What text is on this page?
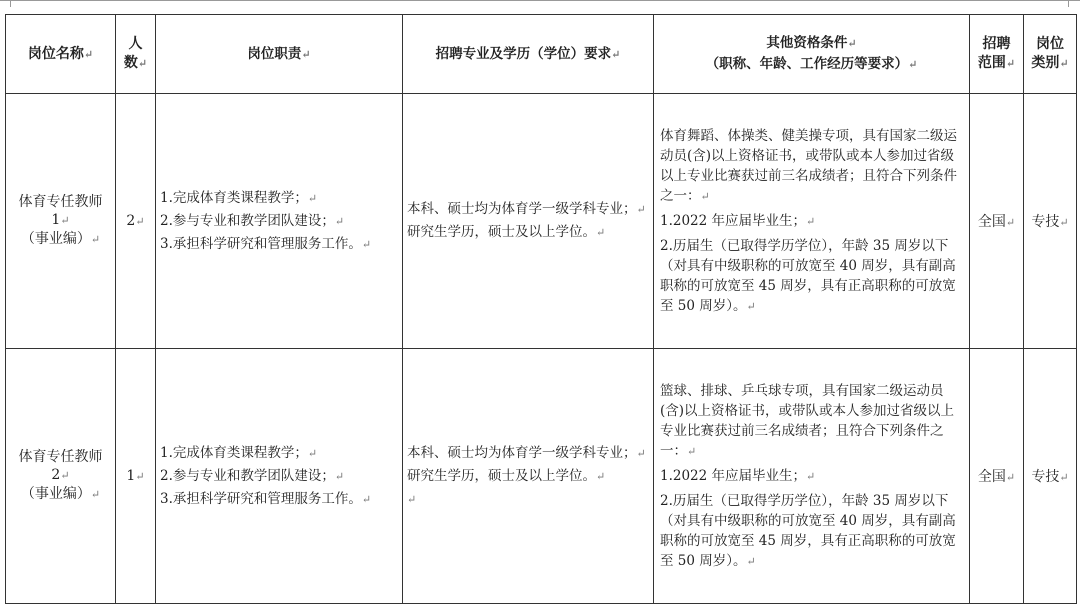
岗位名称↵	人
数↵	岗位职责↵	招聘专业及学历（学位）要求↵	其他资格条件↵
（职称、年龄、工作经历等要求）↵	招聘
范围↵	岗位
类别↵

体育专任教师
1↵
（事业编）↵	2↵	1.完成体育类课程教学；↵
2.参与专业和教学团队建设；↵
3.承担科学研究和管理服务工作。↵	本科、硕士均为体育学一级学科专业；↵
研究生学历，硕士及以上学位。↵	体育舞蹈、体操类、健美操专项，具有国家二级运动员(含)以上资格证书，或带队或本人参加过省级以上专业比赛获过前三名成绩者；且符合下列条件之一：↵
1.2022 年应届毕业生；↵
2.历届生（已取得学历学位），年龄 35 周岁以下（对具有中级职称的可放宽至 40 周岁，具有副高职称的可放宽至 45 周岁，具有正高职称的可放宽至 50 周岁）。↵	全国↵	专技↵

体育专任教师
2↵
（事业编）↵	1↵	1.完成体育类课程教学；↵
2.参与专业和教学团队建设；↵
3.承担科学研究和管理服务工作。↵	本科、硕士均为体育学一级学科专业；↵
研究生学历，硕士及以上学位。↵
↵	篮球、排球、乒乓球专项，具有国家二级运动员(含)以上资格证书，或带队或本人参加过省级以上专业比赛获过前三名成绩者；且符合下列条件之一：↵
1.2022 年应届毕业生；↵
2.历届生（已取得学历学位），年龄 35 周岁以下（对具有中级职称的可放宽至 40 周岁，具有副高职称的可放宽至 45 周岁，具有正高职称的可放宽至 50 周岁）。↵	全国↵	专技↵
